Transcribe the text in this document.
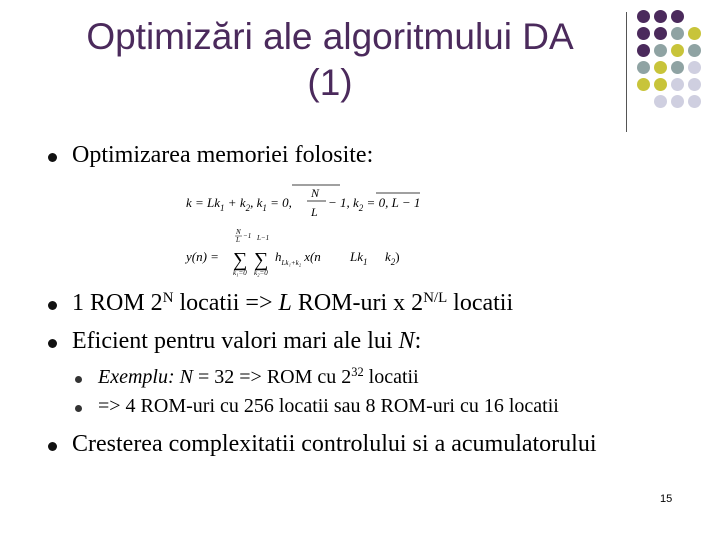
Optimizări ale algoritmului DA
(1)
Optimizarea memoriei folosite:
$k = Lk_1 + k_2$, $k_1 = 0$,
N
L
− 1, $k_2 = 0$, L − 1
y(n) =
N
L −1
∑
k₁=0
L−1
∑
k₂=0
$h_{Lk_1+k_2}$ x(n $Lk_1$ $k_2$)
1 ROM $2^N$ locatii => L ROM-uri x $2^{N/L}$ locatii
Eficient pentru valori mari ale lui N:
Exemplu: N = 32 => ROM cu $2^{32}$ locatii
=> 4 ROM-uri cu 256 locatii sau 8 ROM-uri cu 16 locatii
Cresterea complexitatii controlului si a acumulatorului
15
